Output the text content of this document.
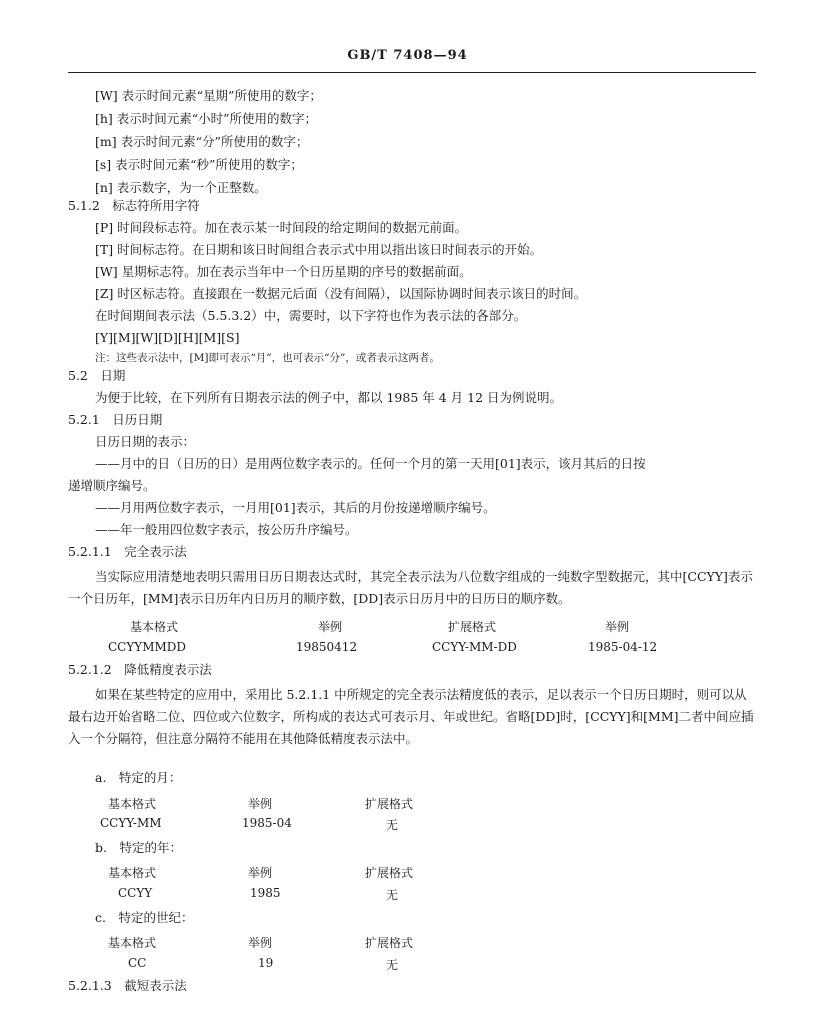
GB/T 7408—94
[W] 表示时间元素“星期”所使用的数字；
[h] 表示时间元素“小时”所使用的数字；
[m] 表示时间元素“分”所使用的数字；
[s] 表示时间元素“秒”所使用的数字；
[n] 表示数字，为一个正整数。
5.1.2　标志符所用字符
[P] 时间段标志符。加在表示某一时间段的给定期间的数据元前面。
[T] 时间标志符。在日期和该日时间组合表示式中用以指出该日时间表示的开始。
[W] 星期标志符。加在表示当年中一个日历星期的序号的数据前面。
[Z] 时区标志符。直接跟在一数据元后面（没有间隔），以国际协调时间表示该日的时间。
在时间期间表示法（5.5.3.2）中，需要时，以下字符也作为表示法的各部分。
[Y][M][W][D][H][M][S]
注：这些表示法中，[M]即可表示“月”，也可表示“分”，或者表示这两者。
5.2　日期
为便于比较，在下列所有日期表示法的例子中，都以 1985 年 4 月 12 日为例说明。
5.2.1　日历日期
日历日期的表示：
——月中的日（日历的日）是用两位数字表示的。任何一个月的第一天用[01]表示，该月其后的日按
递增顺序编号。
——月用两位数字表示，一月用[01]表示，其后的月份按递增顺序编号。
——年一般用四位数字表示，按公历升序编号。
5.2.1.1　完全表示法
当实际应用清楚地表明只需用日历日期表达式时，其完全表示法为八位数字组成的一纯数字型数据元，其中[CCYY]表示一个日历年，[MM]表示日历年内日历月的顺序数，[DD]表示日历月中的日历日的顺序数。
基本格式	举例	扩展格式	举例
CCYYMMDD	19850412	CCYY-MM-DD	1985-04-12
5.2.1.2　降低精度表示法
如果在某些特定的应用中，采用比 5.2.1.1 中所规定的完全表示法精度低的表示，足以表示一个日历日期时，则可以从最右边开始省略二位、四位或六位数字，所构成的表达式可表示月、年或世纪。省略[DD]时，[CCYY]和[MM]二者中间应插入一个分隔符，但注意分隔符不能用在其他降低精度表示法中。
a.　特定的月：
基本格式	举例	扩展格式
CCYY-MM	1985-04	无
b.　特定的年：
基本格式	举例	扩展格式
CCYY	1985	无
c.　特定的世纪：
基本格式	举例	扩展格式
CC	19	无
5.2.1.3　截短表示法
